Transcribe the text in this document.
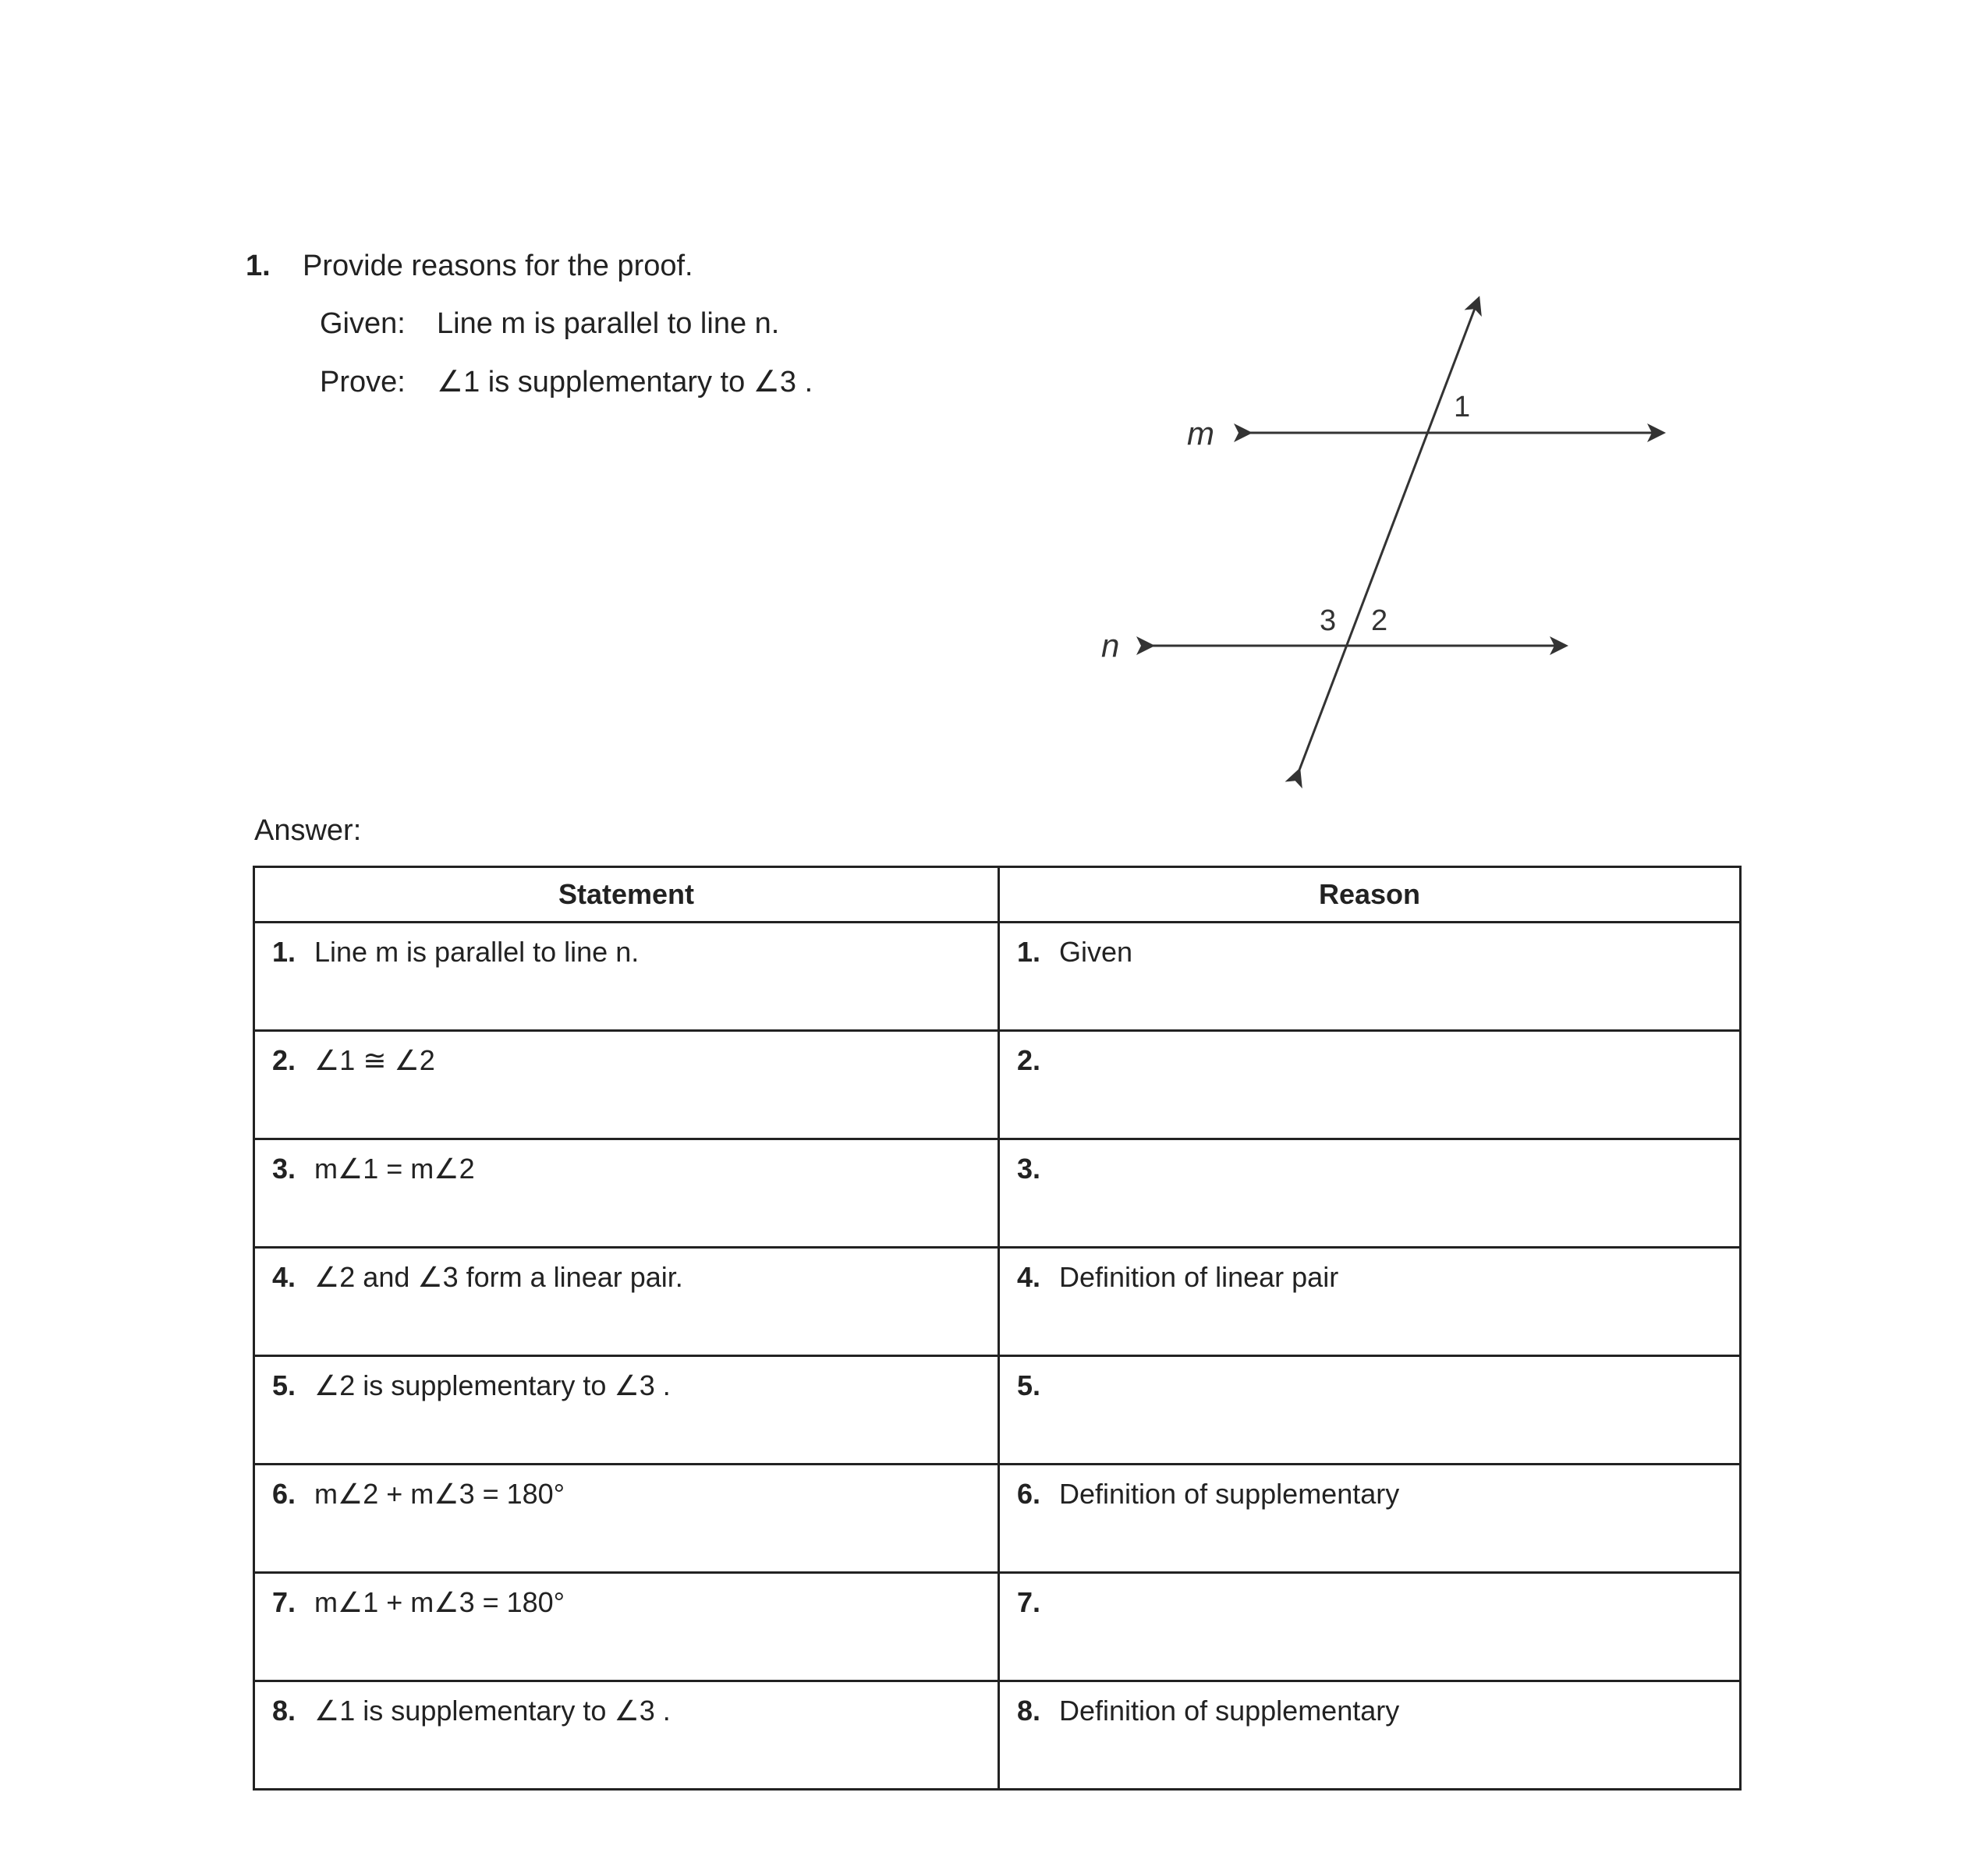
1. Provide reasons for the proof.
Given: Line m is parallel to line n.
Prove: ∠1 is supplementary to ∠3 .
m
n
1
3 2
Answer:
Statement	Reason

1. Line m is parallel to line n.	1. Given

2. ∠1 ≅ ∠2	2.

3. m∠1 = m∠2	3.

4. ∠2 and ∠3 form a linear pair.	4. Definition of linear pair

5. ∠2 is supplementary to ∠3 .	5.

6. m∠2 + m∠3 = 180°	6. Definition of supplementary

7. m∠1 + m∠3 = 180°	7.

8. ∠1 is supplementary to ∠3 .	8. Definition of supplementary
